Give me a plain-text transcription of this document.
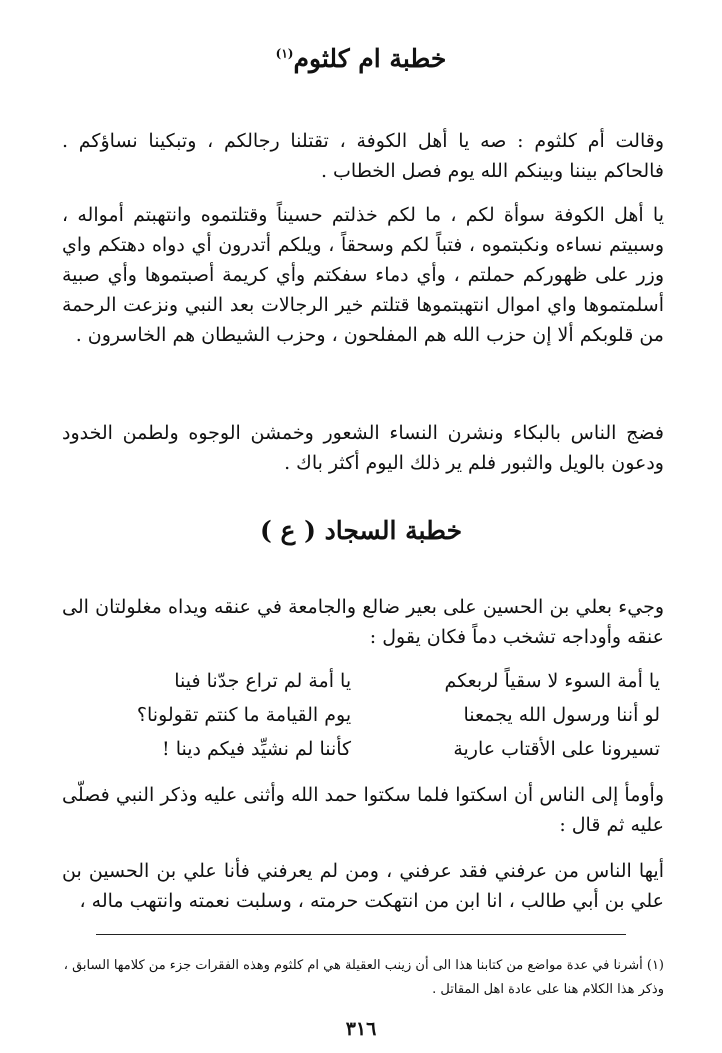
خطبة ام كلثوم$^{(١)}$

وقالت أم كلثوم : صه يا أهل الكوفة ، تقتلنا رجالكم ، وتبكينا نساؤكم . فالحاكم بيننا وبينكم الله يوم فصل الخطاب .

يا أهل الكوفة سوأة لكم ، ما لكم خذلتم حسيناً وقتلتموه وانتهبتم أمواله ، وسبيتم نساءه ونكبتموه ، فتباً لكم وسحقاً ، ويلكم أتدرون أي دواه دهتكم واي وزر على ظهوركم حملتم ، وأي دماء سفكتم وأي كريمة أصبتموها وأي صبية أسلمتموها واي اموال انتهبتموها قتلتم خير الرجالات بعد النبي ونزعت الرحمة من قلوبكم ألا إن حزب الله هم المفلحون ، وحزب الشيطان هم الخاسرون .

فضج الناس بالبكاء ونشرن النساء الشعور وخمشن الوجوه ولطمن الخدود ودعون بالويل والثبور فلم ير ذلك اليوم أكثر باك .

خطبة السجاد ( ع )

وجيء بعلي بن الحسين على بعير ضالع والجامعة في عنقه ويداه مغلولتان الى عنقه وأوداجه تشخب دماً فكان يقول :

يا أمة السوء لا سقياً لربعكم
يا أمة لم تراع جدّنا فينا
لو أننا ورسول الله يجمعنا
يوم القيامة ما كنتم تقولونا؟
تسيرونا على الأقتاب عارية
كأننا لم نشيِّد فيكم دينا !

وأومأ إلى الناس أن اسكتوا فلما سكتوا حمد الله وأثنى عليه وذكر النبي فصلّى عليه ثم قال :

أيها الناس من عرفني فقد عرفني ، ومن لم يعرفني فأنا علي بن الحسين بن علي بن أبي طالب ، انا ابن من انتهكت حرمته ، وسلبت نعمته وانتهب ماله ،

(١) أشرنا في عدة مواضع من كتابنا هذا الى أن زينب العقيلة هي ام كلثوم وهذه الفقرات جزء من كلامها السابق ، وذكر هذا الكلام هنا على عادة اهل المقاتل .

٣١٦
